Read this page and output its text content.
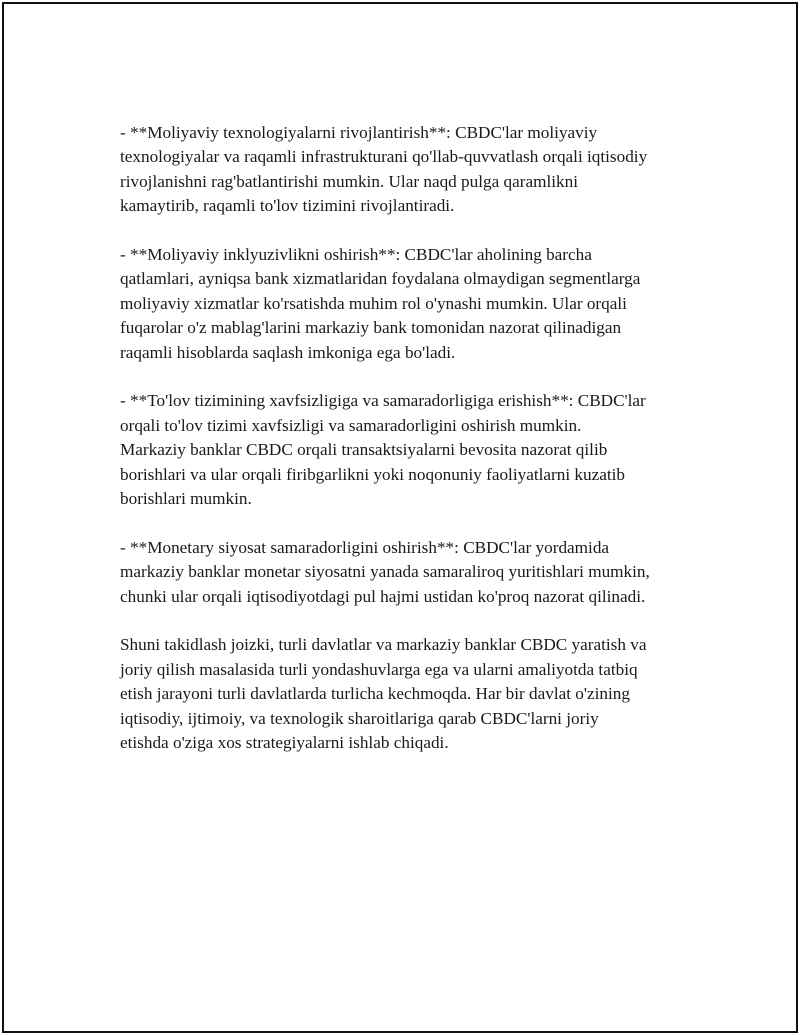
- **Moliyaviy texnologiyalarni rivojlantirish**: CBDC'lar moliyaviy
texnologiyalar va raqamli infrastrukturani qo'llab-quvvatlash orqali iqtisodiy
rivojlanishni rag'batlantirishi mumkin. Ular naqd pulga qaramlikni
kamaytirib, raqamli to'lov tizimini rivojlantiradi.

- **Moliyaviy inklyuzivlikni oshirish**: CBDC'lar aholining barcha
qatlamlari, ayniqsa bank xizmatlaridan foydalana olmaydigan segmentlarga
moliyaviy xizmatlar ko'rsatishda muhim rol o'ynashi mumkin. Ular orqali
fuqarolar o'z mablag'larini markaziy bank tomonidan nazorat qilinadigan
raqamli hisoblarda saqlash imkoniga ega bo'ladi.

- **To'lov tizimining xavfsizligiga va samaradorligiga erishish**: CBDC'lar
orqali to'lov tizimi xavfsizligi va samaradorligini oshirish mumkin.
Markaziy banklar CBDC orqali transaktsiyalarni bevosita nazorat qilib
borishlari va ular orqali firibgarlikni yoki noqonuniy faoliyatlarni kuzatib
borishlari mumkin.

- **Monetary siyosat samaradorligini oshirish**: CBDC'lar yordamida
markaziy banklar monetar siyosatni yanada samaraliroq yuritishlari mumkin,
chunki ular orqali iqtisodiyotdagi pul hajmi ustidan ko'proq nazorat qilinadi.

Shuni takidlash joizki, turli davlatlar va markaziy banklar CBDC yaratish va
joriy qilish masalasida turli yondashuvlarga ega va ularni amaliyotda tatbiq
etish jarayoni turli davlatlarda turlicha kechmoqda. Har bir davlat o'zining
iqtisodiy, ijtimoiy, va texnologik sharoitlariga qarab CBDC'larni joriy
etishda o'ziga xos strategiyalarni ishlab chiqadi.
